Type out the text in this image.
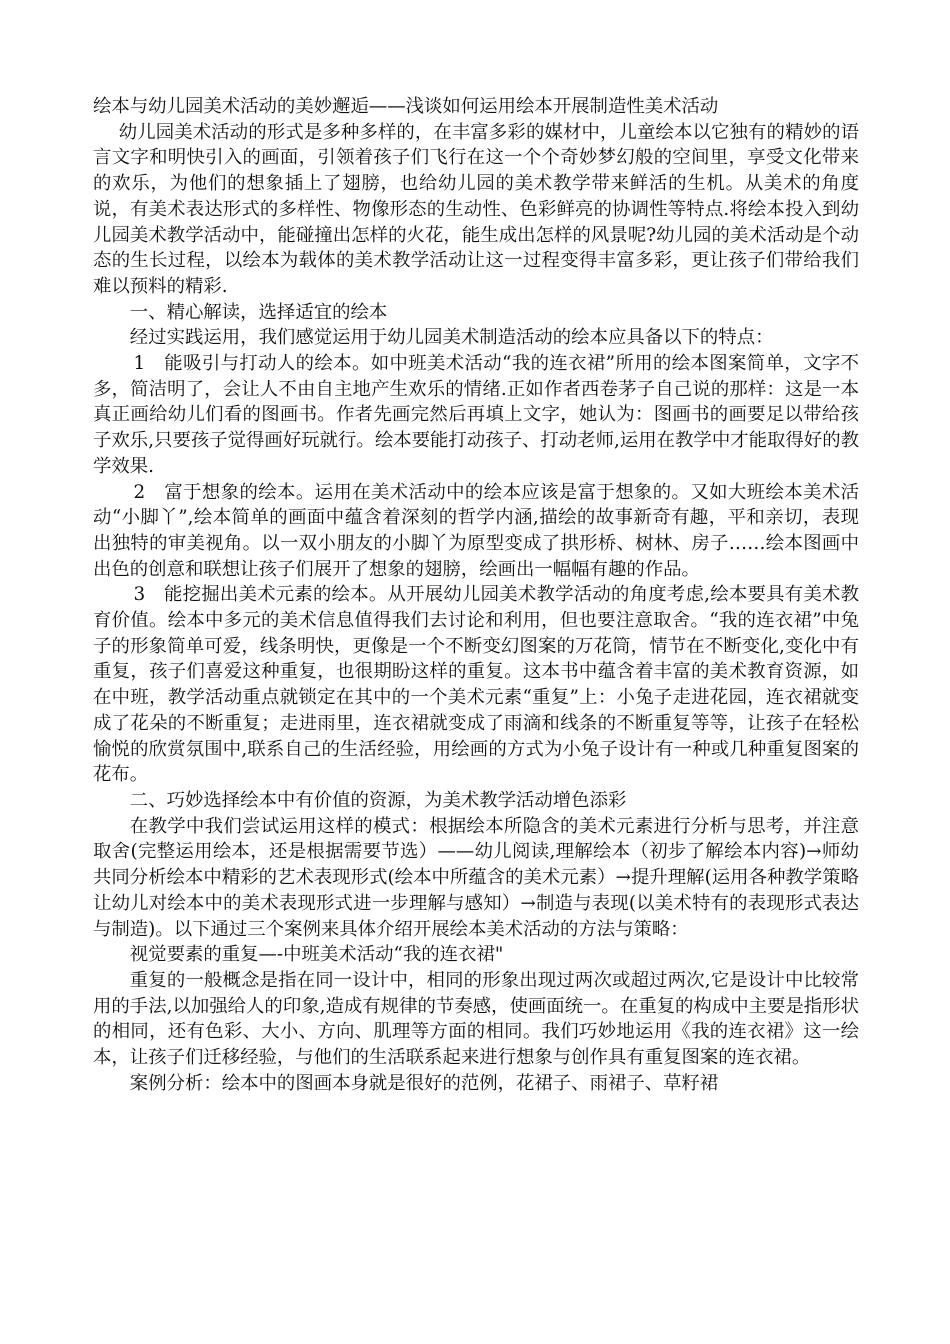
绘本与幼儿园美术活动的美妙邂逅——浅谈如何运用绘本开展制造性美术活动

幼儿园美术活动的形式是多种多样的，在丰富多彩的媒材中，儿童绘本以它独有的精妙的语言文字和明快引入的画面，引领着孩子们飞行在这一个个奇妙梦幻般的空间里，享受文化带来的欢乐，为他们的想象插上了翅膀，也给幼儿园的美术教学带来鲜活的生机。从美术的角度说，有美术表达形式的多样性、物像形态的生动性、色彩鲜亮的协调性等特点.将绘本投入到幼儿园美术教学活动中，能碰撞出怎样的火花，能生成出怎样的风景呢?幼儿园的美术活动是个动态的生长过程，以绘本为载体的美术教学活动让这一过程变得丰富多彩，更让孩子们带给我们难以预料的精彩.

一、精心解读，选择适宜的绘本

经过实践运用，我们感觉运用于幼儿园美术制造活动的绘本应具备以下的特点：

1　能吸引与打动人的绘本。如中班美术活动“我的连衣裙”所用的绘本图案简单，文字不多，简洁明了，会让人不由自主地产生欢乐的情绪.正如作者西卷茅子自己说的那样：这是一本真正画给幼儿们看的图画书。作者先画完然后再填上文字，她认为：图画书的画要足以带给孩子欢乐,只要孩子觉得画好玩就行。绘本要能打动孩子、打动老师,运用在教学中才能取得好的教学效果.

2　富于想象的绘本。运用在美术活动中的绘本应该是富于想象的。又如大班绘本美术活动“小脚丫”,绘本简单的画面中蕴含着深刻的哲学内涵,描绘的故事新奇有趣，平和亲切，表现出独特的审美视角。以一双小朋友的小脚丫为原型变成了拱形桥、树林、房子……绘本图画中出色的创意和联想让孩子们展开了想象的翅膀，绘画出一幅幅有趣的作品。

3　能挖掘出美术元素的绘本。从开展幼儿园美术教学活动的角度考虑,绘本要具有美术教育价值。绘本中多元的美术信息值得我们去讨论和利用，但也要注意取舍。“我的连衣裙”中兔子的形象简单可爱，线条明快，更像是一个不断变幻图案的万花筒，情节在不断变化,变化中有重复，孩子们喜爱这种重复，也很期盼这样的重复。这本书中蕴含着丰富的美术教育资源，如在中班，教学活动重点就锁定在其中的一个美术元素“重复”上：小兔子走进花园，连衣裙就变成了花朵的不断重复；走进雨里，连衣裙就变成了雨滴和线条的不断重复等等，让孩子在轻松愉悦的欣赏氛围中,联系自己的生活经验，用绘画的方式为小兔子设计有一种或几种重复图案的花布。

二、巧妙选择绘本中有价值的资源，为美术教学活动增色添彩

在教学中我们尝试运用这样的模式：根据绘本所隐含的美术元素进行分析与思考，并注意取舍(完整运用绘本，还是根据需要节选）——幼儿阅读,理解绘本（初步了解绘本内容)→师幼共同分析绘本中精彩的艺术表现形式(绘本中所蕴含的美术元素）→提升理解(运用各种教学策略让幼儿对绘本中的美术表现形式进一步理解与感知）→制造与表现(以美术特有的表现形式表达与制造)。以下通过三个案例来具体介绍开展绘本美术活动的方法与策略：

视觉要素的重复—-中班美术活动“我的连衣裙"

重复的一般概念是指在同一设计中，相同的形象出现过两次或超过两次,它是设计中比较常用的手法,以加强给人的印象,造成有规律的节奏感，使画面统一。在重复的构成中主要是指形状的相同，还有色彩、大小、方向、肌理等方面的相同。我们巧妙地运用《我的连衣裙》这一绘本，让孩子们迁移经验，与他们的生活联系起来进行想象与创作具有重复图案的连衣裙。

案例分析：绘本中的图画本身就是很好的范例，花裙子、雨裙子、草籽裙
